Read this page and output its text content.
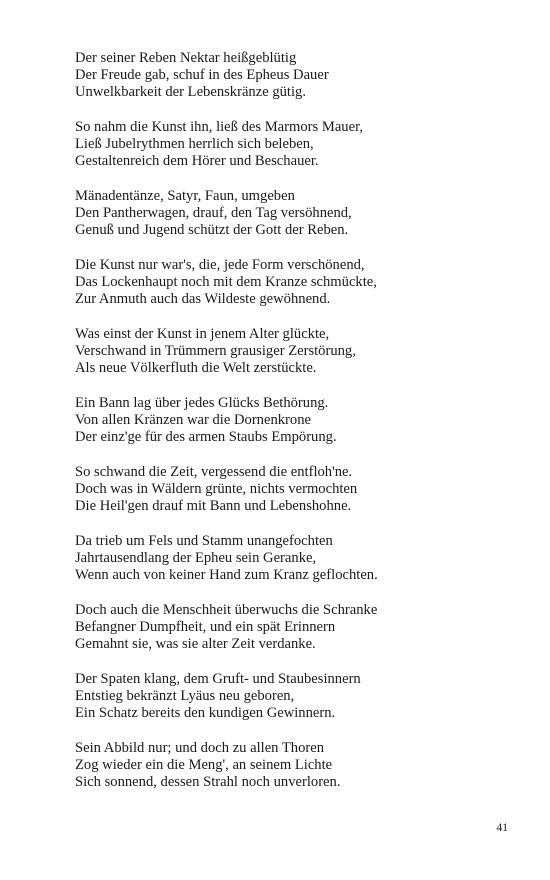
Der seiner Reben Nektar heißgeblütig
Der Freude gab, schuf in des Epheus Dauer
Unwelkbarkeit der Lebenskränze gütig.

So nahm die Kunst ihn, ließ des Marmors Mauer,
Ließ Jubelrythmen herrlich sich beleben,
Gestaltenreich dem Hörer und Beschauer.

Mänadentänze, Satyr, Faun, umgeben
Den Pantherwagen, drauf, den Tag versöhnend,
Genuß und Jugend schützt der Gott der Reben.

Die Kunst nur war's, die, jede Form verschönend,
Das Lockenhaupt noch mit dem Kranze schmückte,
Zur Anmuth auch das Wildeste gewöhnend.

Was einst der Kunst in jenem Alter glückte,
Verschwand in Trümmern grausiger Zerstörung,
Als neue Völkerfluth die Welt zerstückte.

Ein Bann lag über jedes Glücks Bethörung.
Von allen Kränzen war die Dornenkrone
Der einz'ge für des armen Staubs Empörung.

So schwand die Zeit, vergessend die entfloh'ne.
Doch was in Wäldern grünte, nichts vermochten
Die Heil'gen drauf mit Bann und Lebenshohne.

Da trieb um Fels und Stamm unangefochten
Jahrtausendlang der Epheu sein Geranke,
Wenn auch von keiner Hand zum Kranz geflochten.

Doch auch die Menschheit überwuchs die Schranke
Befangner Dumpfheit, und ein spät Erinnern
Gemahnt sie, was sie alter Zeit verdanke.

Der Spaten klang, dem Gruft- und Staubesinnern
Entstieg bekränzt Lyäus neu geboren,
Ein Schatz bereits den kundigen Gewinnern.

Sein Abbild nur; und doch zu allen Thoren
Zog wieder ein die Meng', an seinem Lichte
Sich sonnend, dessen Strahl noch unverloren.

41
